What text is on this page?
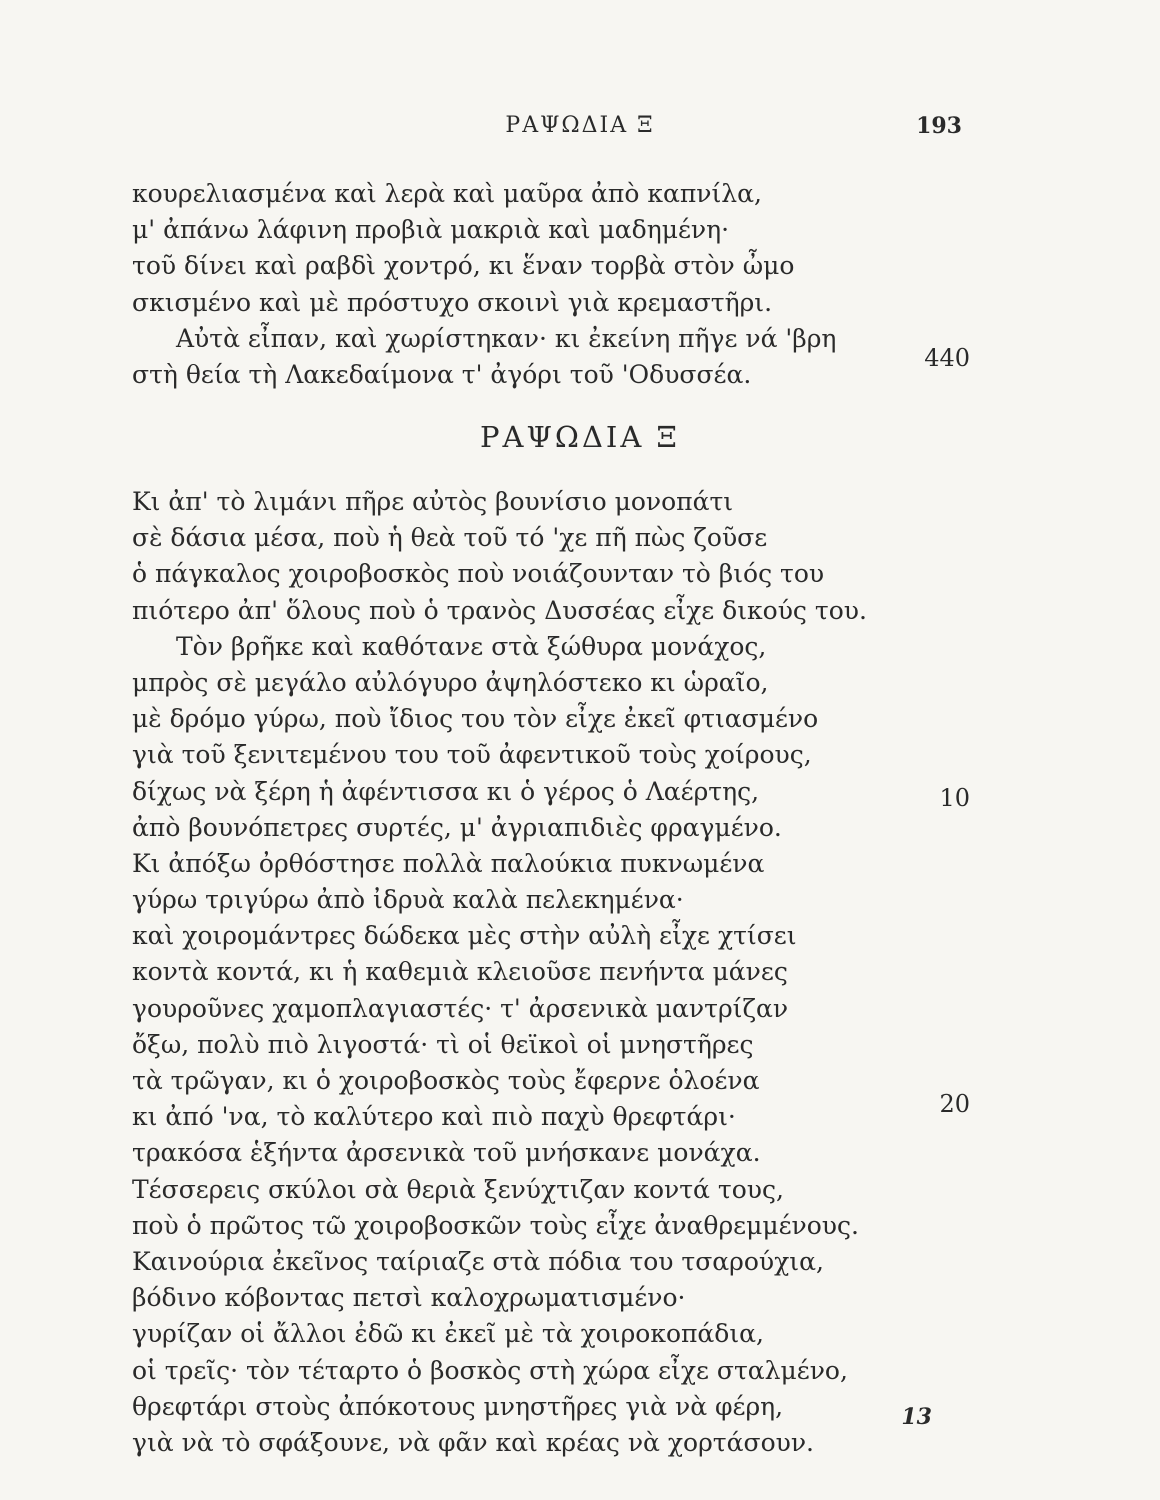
ΡΑΨΩΔΙΑ Ξ	193
κουρελιασμένα καὶ λερὰ καὶ μαῦρα ἀπὸ καπνίλα,
μ' ἀπάνω λάφινη προβιὰ μακριὰ καὶ μαδημένη·
τοῦ δίνει καὶ ραβδὶ χοντρό, κι ἕναν τορβὰ στὸν ὦμο
σκισμένο καὶ μὲ πρόστυχο σκοινὶ γιὰ κρεμαστῆρι.
Αὐτὰ εἶπαν, καὶ χωρίστηκαν· κι ἐκείνη πῆγε νά 'βρη
στὴ θεία τὴ Λακεδαίμονα τ' ἀγόρι τοῦ 'Οδυσσέα.
440
ΡΑΨΩΔΙΑ Ξ
Κι ἀπ' τὸ λιμάνι πῆρε αὐτὸς βουνίσιο μονοπάτι
σὲ δάσια μέσα, ποὺ ἡ θεὰ τοῦ τό 'χε πῆ πὼς ζοῦσε
ὁ πάγκαλος χοιροβοσκὸς ποὺ νοιάζουνταν τὸ βιός του
πιότερο ἀπ' ὅλους ποὺ ὁ τρανὸς Δυσσέας εἶχε δικούς του.
Τὸν βρῆκε καὶ καθότανε στὰ ξώθυρα μονάχος,
μπρὸς σὲ μεγάλο αὐλόγυρο ἀψηλόστεκο κι ὡραῖο,
μὲ δρόμο γύρω, ποὺ ἴδιος του τὸν εἶχε ἐκεῖ φτιασμένο
γιὰ τοῦ ξενιτεμένου του τοῦ ἀφεντικοῦ τοὺς χοίρους,
δίχως νὰ ξέρη ἡ ἀφέντισσα κι ὁ γέρος ὁ Λαέρτης,
ἀπὸ βουνόπετρες συρτές, μ' ἀγριαπιδιὲς φραγμένο.
Κι ἀπόξω ὀρθόστησε πολλὰ παλούκια πυκνωμένα
γύρω τριγύρω ἀπὸ ἰδρυὰ καλὰ πελεκημένα·
καὶ χοιρομάντρες δώδεκα μὲς στὴν αὐλὴ εἶχε χτίσει
κοντὰ κοντά, κι ἡ καθεμιὰ κλειοῦσε πενήντα μάνες
γουροῦνες χαμοπλαγιαστές· τ' ἀρσενικὰ μαντρίζαν
ὄξω, πολὺ πιὸ λιγοστά· τὶ οἱ θεϊκοὶ οἱ μνηστῆρες
τὰ τρῶγαν, κι ὁ χοιροβοσκὸς τοὺς ἔφερνε ὁλοένα
κι ἀπό 'να, τὸ καλύτερο καὶ πιὸ παχὺ θρεφτάρι·
τρακόσα ἑξήντα ἀρσενικὰ τοῦ μνήσκανε μονάχα.
Τέσσερεις σκύλοι σὰ θεριὰ ξενύχτιζαν κοντά τους,
ποὺ ὁ πρῶτος τῶ χοιροβοσκῶν τοὺς εἶχε ἀναθρεμμένους.
Καινούρια ἐκεῖνος ταίριαζε στὰ πόδια του τσαρούχια,
βόδινο κόβοντας πετσὶ καλοχρωματισμένο·
γυρίζαν οἱ ἄλλοι ἐδῶ κι ἐκεῖ μὲ τὰ χοιροκοπάδια,
οἱ τρεῖς· τὸν τέταρτο ὁ βοσκὸς στὴ χώρα εἶχε σταλμένο,
θρεφτάρι στοὺς ἀπόκοτους μνηστῆρες γιὰ νὰ φέρη,
γιὰ νὰ τὸ σφάξουνε, νὰ φᾶν καὶ κρέας νὰ χορτάσουν.
10
20
13
